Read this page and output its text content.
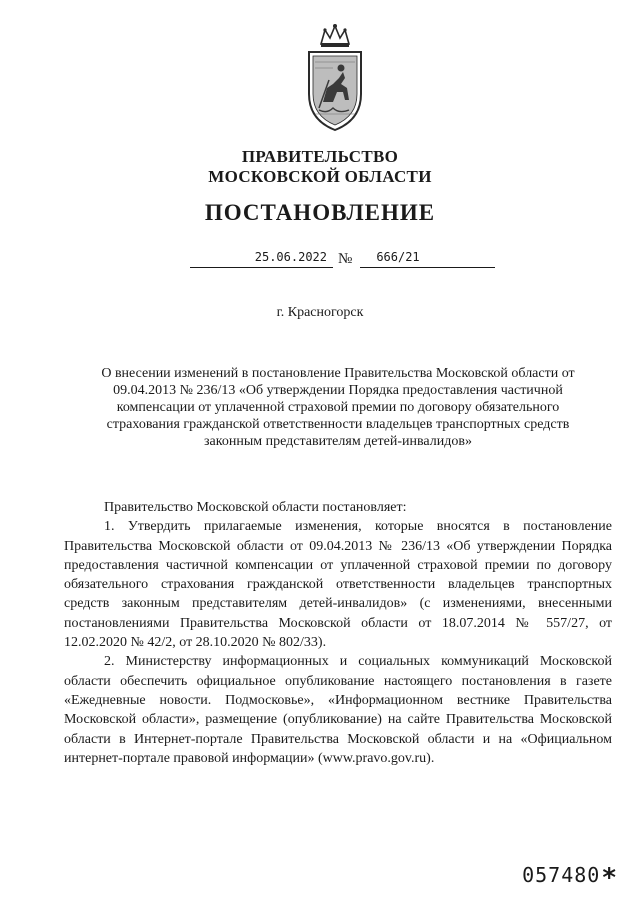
ПРАВИТЕЛЬСТВО
МОСКОВСКОЙ ОБЛАСТИ
ПОСТАНОВЛЕНИЕ
25.06.2022 №	666/21
г. Красногорск
О внесении изменений в постановление Правительства Московской области от 09.04.2013 № 236/13 «Об утверждении Порядка предоставления частичной компенсации от уплаченной страховой премии по договору обязательного страхования гражданской ответственности владельцев транспортных средств законным представителям детей-инвалидов»

Правительство Московской области постановляет:

1. Утвердить прилагаемые изменения, которые вносятся в постановление Правительства Московской области от 09.04.2013 № 236/13 «Об утверждении Порядка предоставления частичной компенсации от уплаченной страховой премии по договору обязательного страхования гражданской ответственности владельцев транспортных средств законным представителям детей-инвалидов» (с изменениями, внесенными постановлениями Правительства Московской области от 18.07.2014 № 557/27, от 12.02.2020 № 42/2, от 28.10.2020 № 802/33).

2. Министерству информационных и социальных коммуникаций Московской области обеспечить официальное опубликование настоящего постановления в газете «Ежедневные новости. Подмосковье», «Информационном вестнике Правительства Московской области», размещение (опубликование) на сайте Правительства Московской области в Интернет-портале Правительства Московской области и на «Официальном интернет-портале правовой информации» (www.pravo.gov.ru).

057480*
